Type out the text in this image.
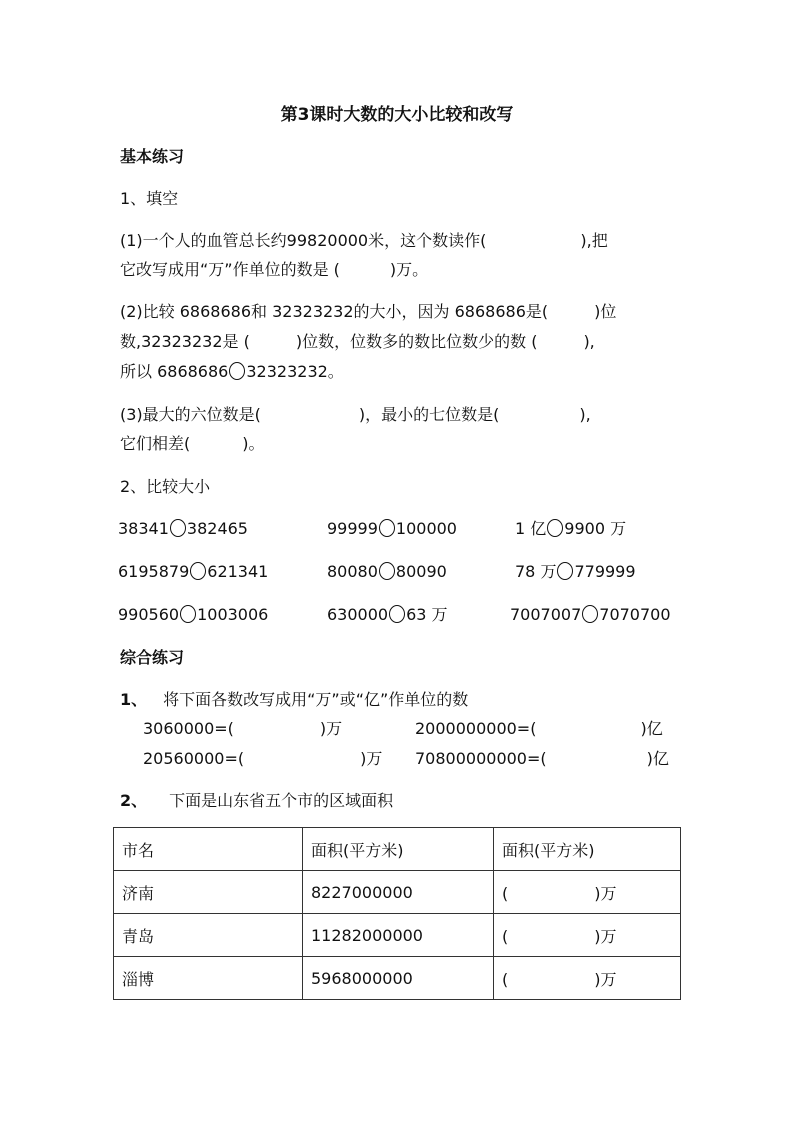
第3课时大数的大小比较和改写
基本练习
1、填空
(1)一个人的血管总长约99820000米，这个数读作(	),把
它改写成用“万”作单位的数是 (	)万。
(2)比较 6868686和 32323232的大小，因为 6868686是(	)位
数,32323232是 (	)位数，位数多的数比位数少的数 (	),
所以 6868686 32323232。
(3)最大的六位数是(	)，最小的七位数是(	),
它们相差(	)。
2、比较大小
38341 382465	99999 100000	1 亿 9900 万
6195879 621341	80080 80090	78 万 779999
990560 1003006	630000 63 万	7007007 7070700
综合练习
1、 将下面各数改写成用“万”或“亿”作单位的数
3060000=(	)万	2000000000=(	)亿
20560000=(	)万 70800000000=(	)亿
2、 下面是山东省五个市的区域面积
市名	面积(平方米)	面积(平方米)
济南	8227000000	( )万
青岛	11282000000	( )万
淄博	5968000000	( )万
